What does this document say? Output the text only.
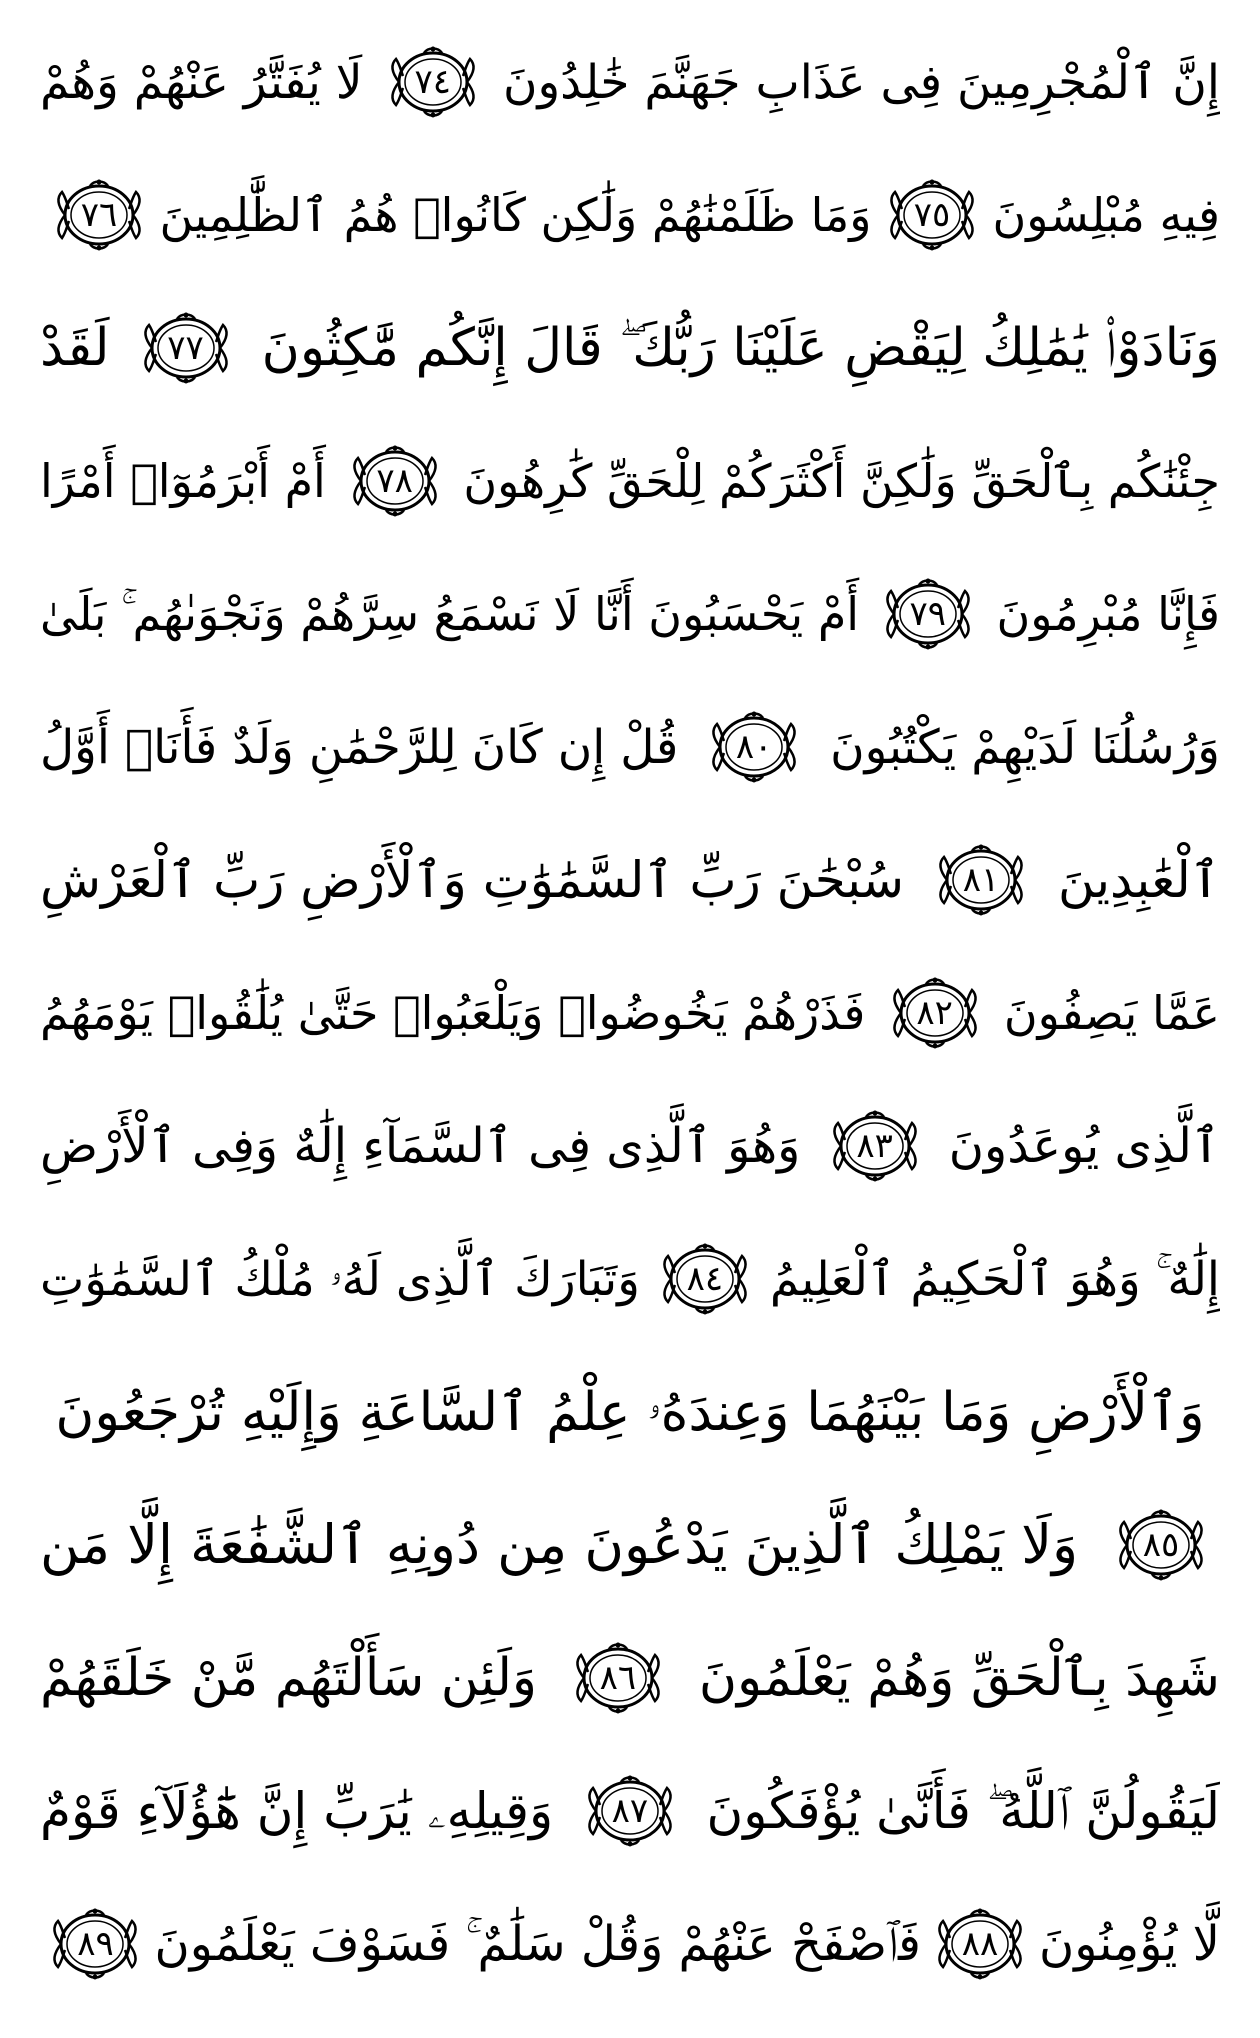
إِنَّ ٱلْمُجْرِمِينَ فِى عَذَابِ جَهَنَّمَ خَٰلِدُونَ
٧٤
لَا يُفَتَّرُ عَنْهُمْ وَهُمْ
فِيهِ مُبْلِسُونَ
٧٥
وَمَا ظَلَمْنَٰهُمْ وَلَٰكِن كَانُوا۟ هُمُ ٱلظَّٰلِمِينَ
٧٦
وَنَادَوْا۟ يَٰمَٰلِكُ لِيَقْضِ عَلَيْنَا رَبُّكَ ۖ قَالَ إِنَّكُم مَّٰكِثُونَ
٧٧
لَقَدْ
جِئْنَٰكُم بِٱلْحَقِّ وَلَٰكِنَّ أَكْثَرَكُمْ لِلْحَقِّ كَٰرِهُونَ
٧٨
أَمْ أَبْرَمُوٓا۟ أَمْرًا
فَإِنَّا مُبْرِمُونَ
٧٩
أَمْ يَحْسَبُونَ أَنَّا لَا نَسْمَعُ سِرَّهُمْ وَنَجْوَىٰهُم ۚ بَلَىٰ
وَرُسُلُنَا لَدَيْهِمْ يَكْتُبُونَ
٨٠
قُلْ إِن كَانَ لِلرَّحْمَٰنِ وَلَدٌ فَأَنَا۠ أَوَّلُ
ٱلْعَٰبِدِينَ
٨١
سُبْحَٰنَ رَبِّ ٱلسَّمَٰوَٰتِ وَٱلْأَرْضِ رَبِّ ٱلْعَرْشِ
عَمَّا يَصِفُونَ
٨٢
فَذَرْهُمْ يَخُوضُوا۟ وَيَلْعَبُوا۟ حَتَّىٰ يُلَٰقُوا۟ يَوْمَهُمُ
ٱلَّذِى يُوعَدُونَ
٨٣
وَهُوَ ٱلَّذِى فِى ٱلسَّمَآءِ إِلَٰهٌ وَفِى ٱلْأَرْضِ
إِلَٰهٌ ۚ وَهُوَ ٱلْحَكِيمُ ٱلْعَلِيمُ
٨٤
وَتَبَارَكَ ٱلَّذِى لَهُۥ مُلْكُ ٱلسَّمَٰوَٰتِ
وَٱلْأَرْضِ وَمَا بَيْنَهُمَا وَعِندَهُۥ عِلْمُ ٱلسَّاعَةِ وَإِلَيْهِ تُرْجَعُونَ
٨٥
وَلَا يَمْلِكُ ٱلَّذِينَ يَدْعُونَ مِن دُونِهِ ٱلشَّفَٰعَةَ إِلَّا مَن
شَهِدَ بِٱلْحَقِّ وَهُمْ يَعْلَمُونَ
٨٦
وَلَئِن سَأَلْتَهُم مَّنْ خَلَقَهُمْ
لَيَقُولُنَّ ٱللَّهُ ۖ فَأَنَّىٰ يُؤْفَكُونَ
٨٧
وَقِيلِهِۦ يَٰرَبِّ إِنَّ هَٰٓؤُلَآءِ قَوْمٌ
لَّا يُؤْمِنُونَ
٨٨
فَٱصْفَحْ عَنْهُمْ وَقُلْ سَلَٰمٌ ۚ فَسَوْفَ يَعْلَمُونَ
٨٩
